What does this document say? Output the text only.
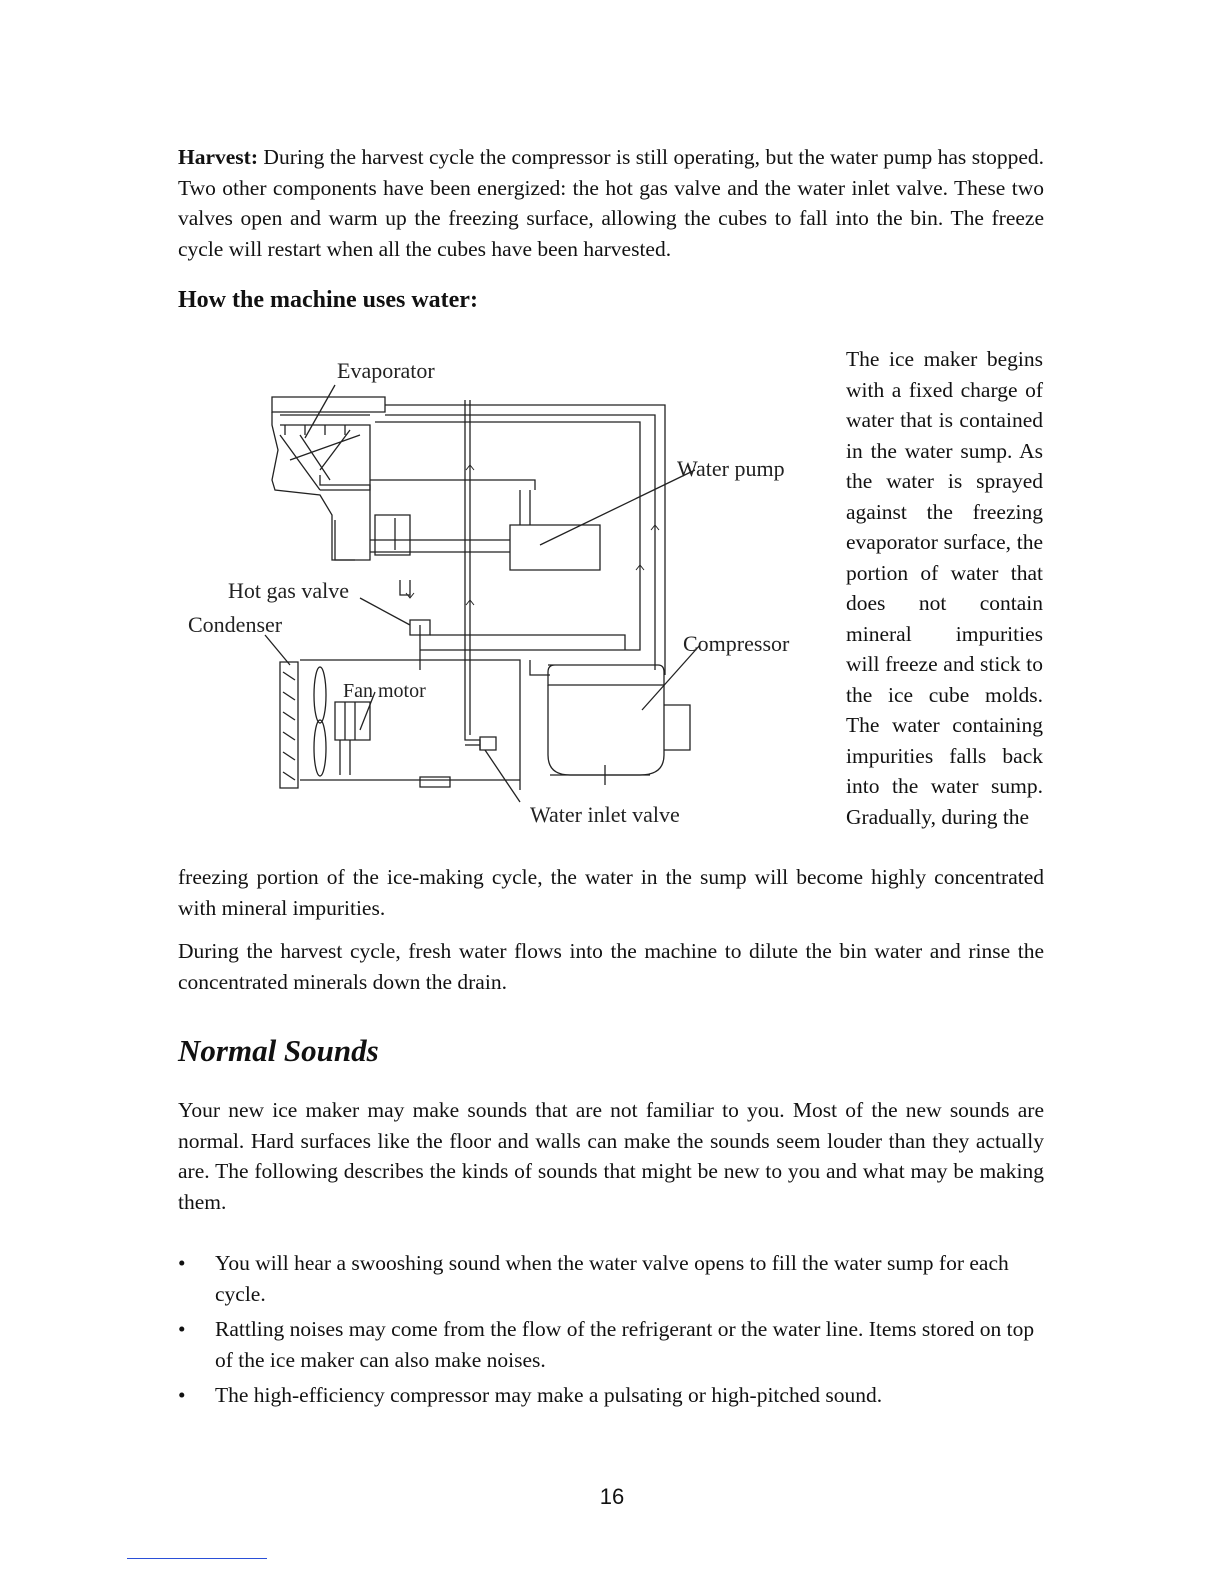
Harvest: During the harvest cycle the compressor is still operating, but the water pump has stopped. Two other components have been energized: the hot gas valve and the water inlet valve. These two valves open and warm up the freezing surface, allowing the cubes to fall into the bin. The freeze cycle will restart when all the cubes have been harvested.

How the machine uses water:
Evaporator
Water pump
Hot gas valve
Condenser
Compressor
Fan motor
Water inlet valve

The ice maker begins with a fixed charge of water that is contained in the water sump. As the water is sprayed against the freezing evaporator surface, the portion of water that does not contain mineral impurities will freeze and stick to the ice cube molds. The water containing impurities falls back into the water sump. Gradually, during the

freezing portion of the ice-making cycle, the water in the sump will become highly concentrated with mineral impurities.

During the harvest cycle, fresh water flows into the machine to dilute the bin water and rinse the concentrated minerals down the drain.

Normal Sounds

Your new ice maker may make sounds that are not familiar to you. Most of the new sounds are normal. Hard surfaces like the floor and walls can make the sounds seem louder than they actually are. The following describes the kinds of sounds that might be new to you and what may be making them.

• You will hear a swooshing sound when the water valve opens to fill the water sump for each cycle.
• Rattling noises may come from the flow of the refrigerant or the water line. Items stored on top of the ice maker can also make noises.
• The high-efficiency compressor may make a pulsating or high-pitched sound.
16
